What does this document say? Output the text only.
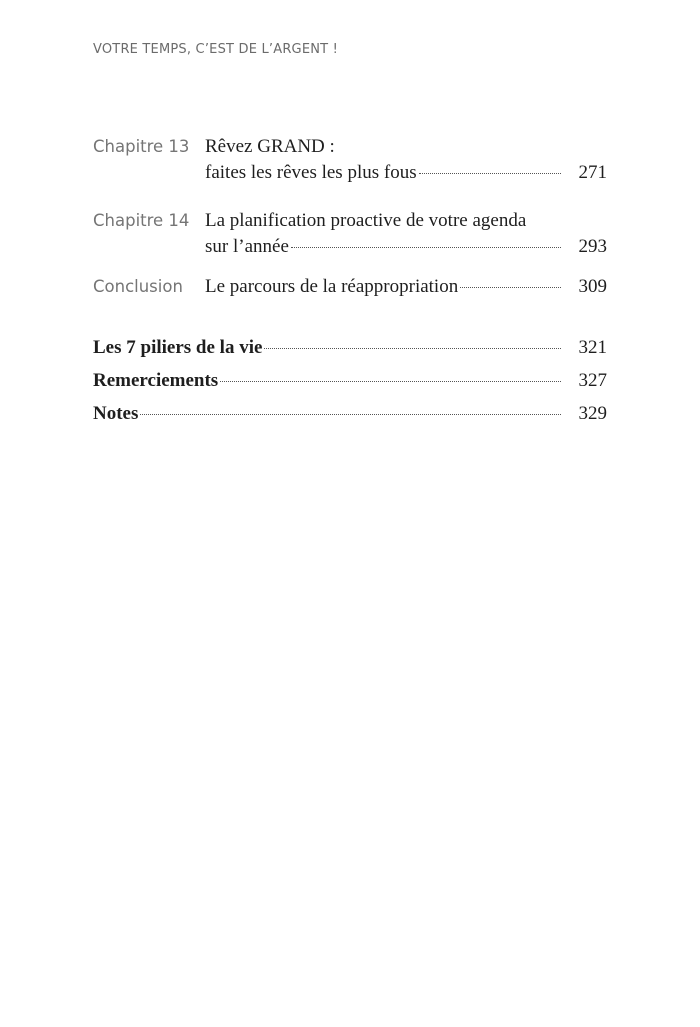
VOTRE TEMPS, C’EST DE L’ARGENT !
Chapitre 13 Rêvez GRAND :
faites les rêves les plus fous	271
Chapitre 14 La planification proactive de votre agenda
sur l’année	293
Conclusion Le parcours de la réappropriation	309
Les 7 piliers de la vie	321
Remerciements	327
Notes	329
